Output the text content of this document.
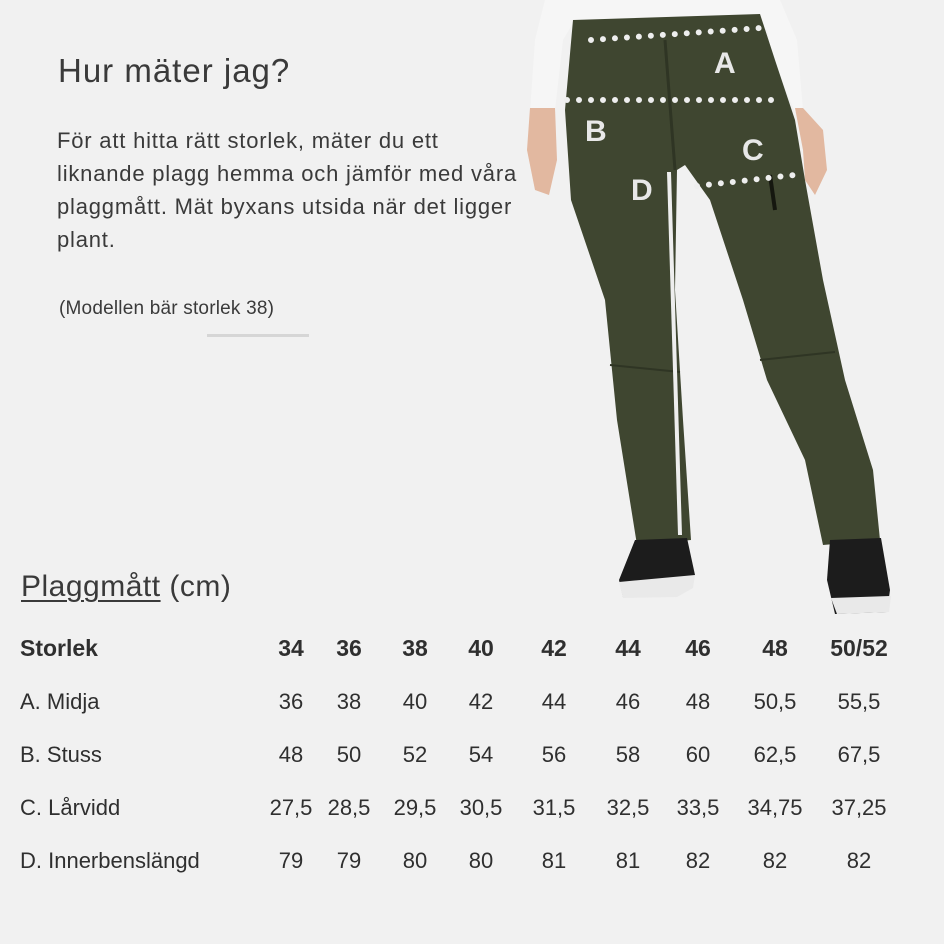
Hur mäter jag?

För att hitta rätt storlek, mäter du ett liknande plagg hemma och jämför med våra plaggmått. Mät byxans utsida när det ligger plant.

(Modellen bär storlek 38)
A
B
C
D
Plaggmått (cm)
Storlek	34	36	38	40	42	44	46	48	50/52
A. Midja	36	38	40	42	44	46	48	50,5	55,5
B. Stuss	48	50	52	54	56	58	60	62,5	67,5
C. Lårvidd	27,5	28,5	29,5	30,5	31,5	32,5	33,5	34,75	37,25
D. Innerbenslängd	79	79	80	80	81	81	82	82	82
